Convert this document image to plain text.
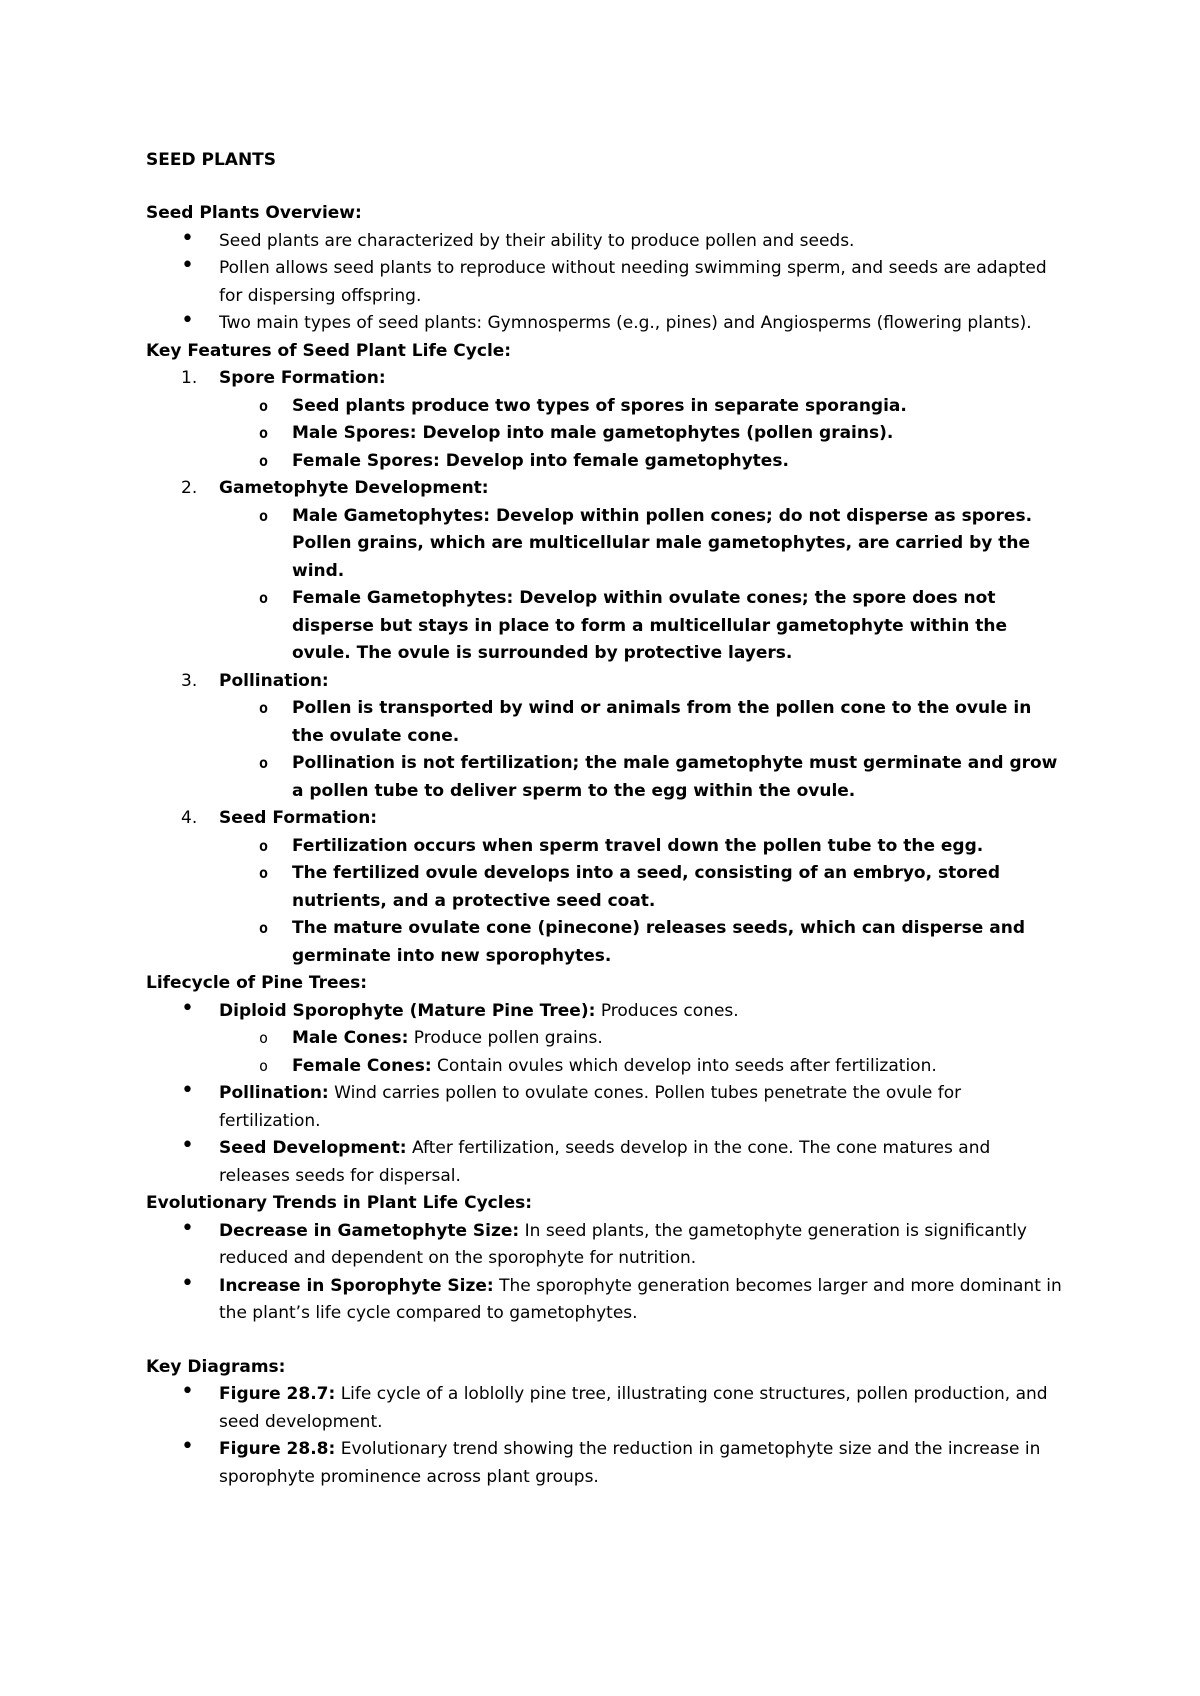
SEED PLANTS
Seed Plants Overview:
• Seed plants are characterized by their ability to produce pollen and seeds.
• Pollen allows seed plants to reproduce without needing swimming sperm, and seeds are adapted for dispersing offspring.
• Two main types of seed plants: Gymnosperms (e.g., pines) and Angiosperms (flowering plants).
Key Features of Seed Plant Life Cycle:
1. Spore Formation:
o Seed plants produce two types of spores in separate sporangia.
o Male Spores: Develop into male gametophytes (pollen grains).
o Female Spores: Develop into female gametophytes.
2. Gametophyte Development:
o Male Gametophytes: Develop within pollen cones; do not disperse as spores. Pollen grains, which are multicellular male gametophytes, are carried by the wind.
o Female Gametophytes: Develop within ovulate cones; the spore does not disperse but stays in place to form a multicellular gametophyte within the ovule. The ovule is surrounded by protective layers.
3. Pollination:
o Pollen is transported by wind or animals from the pollen cone to the ovule in the ovulate cone.
o Pollination is not fertilization; the male gametophyte must germinate and grow a pollen tube to deliver sperm to the egg within the ovule.
4. Seed Formation:
o Fertilization occurs when sperm travel down the pollen tube to the egg.
o The fertilized ovule develops into a seed, consisting of an embryo, stored nutrients, and a protective seed coat.
o The mature ovulate cone (pinecone) releases seeds, which can disperse and germinate into new sporophytes.
Lifecycle of Pine Trees:
• Diploid Sporophyte (Mature Pine Tree): Produces cones.
o Male Cones: Produce pollen grains.
o Female Cones: Contain ovules which develop into seeds after fertilization.
• Pollination: Wind carries pollen to ovulate cones. Pollen tubes penetrate the ovule for fertilization.
• Seed Development: After fertilization, seeds develop in the cone. The cone matures and releases seeds for dispersal.
Evolutionary Trends in Plant Life Cycles:
• Decrease in Gametophyte Size: In seed plants, the gametophyte generation is significantly reduced and dependent on the sporophyte for nutrition.
• Increase in Sporophyte Size: The sporophyte generation becomes larger and more dominant in the plant’s life cycle compared to gametophytes.
Key Diagrams:
• Figure 28.7: Life cycle of a loblolly pine tree, illustrating cone structures, pollen production, and seed development.
• Figure 28.8: Evolutionary trend showing the reduction in gametophyte size and the increase in sporophyte prominence across plant groups.
